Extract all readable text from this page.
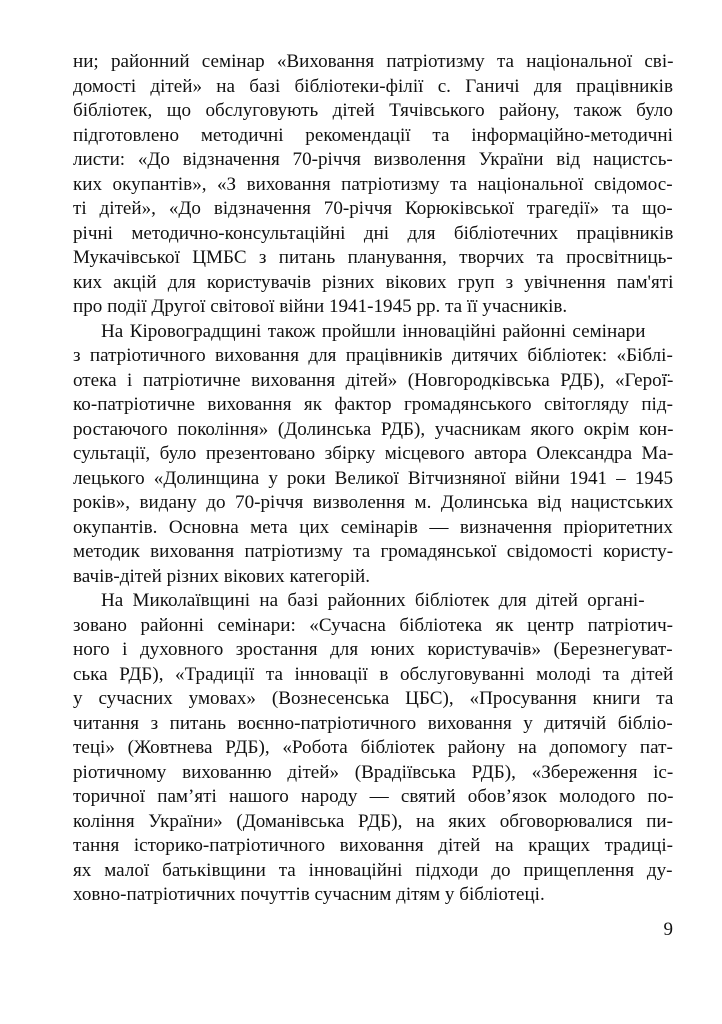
ни; районний семінар «Виховання патріотизму та національної сві-
домості дітей» на базі бібліотеки-філії с. Ганичі для працівників
бібліотек, що обслуговують дітей Тячівського району, також було
підготовлено методичні рекомендації та інформаційно-методичні
листи: «До відзначення 70-річчя визволення України від нацистсь-
ких окупантів», «З виховання патріотизму та національної свідомос-
ті дітей», «До відзначення 70-річчя Корюківської трагедії» та що-
річні методично-консультаційні дні для бібліотечних працівників
Мукачівської ЦМБС з питань планування, творчих та просвітниць-
ких акцій для користувачів різних вікових груп з увічнення пам'яті
про події Другої світової війни 1941-1945 рр. та її учасників.

На Кіровоградщині також пройшли інноваційні районні семінари
з патріотичного виховання для працівників дитячих бібліотек: «Біблі-
отека і патріотичне виховання дітей» (Новгородківська РДБ), «Герої̈-
ко-патріотичне виховання як фактор громадянського світогляду під-
ростаючого покоління» (Долинська РДБ), учасникам якого окрім кон-
сультації, було презентовано збірку місцевого автора Олександра Ма-
лецького «Долинщина у роки Великої Вітчизняної війни 1941 – 1945
років», видану до 70-річчя визволення м. Долинська від нацистських
окупантів. Основна мета цих семінарів — визначення пріоритетних
методик виховання патріотизму та громадянської свідомості користу-
вачів-дітей різних вікових категорій.

На Миколаївщині на базі районних бібліотек для дітей органі-
зовано районні семінари: «Сучасна бібліотека як центр патріотич-
ного і духовного зростання для юних користувачів» (Березнегуват-
ська РДБ), «Традиції та інновації в обслуговуванні молоді та дітей
у сучасних умовах» (Вознесенська ЦБС), «Просування книги та
читання з питань воєнно-патріотичного виховання у дитячій бібліо-
теці» (Жовтнева РДБ), «Робота бібліотек району на допомогу пат-
ріотичному вихованню дітей» (Врадіївська РДБ), «Збереження іс-
торичної пам’яті нашого народу — святий обов’язок молодого по-
коління України» (Доманівська РДБ), на яких обговорювалися пи-
тання історико-патріотичного виховання дітей на кращих традиці-
ях малої батьківщини та інноваційні підходи до прищеплення ду-
ховно-патріотичних почуттів сучасним дітям у бібліотеці.

9
